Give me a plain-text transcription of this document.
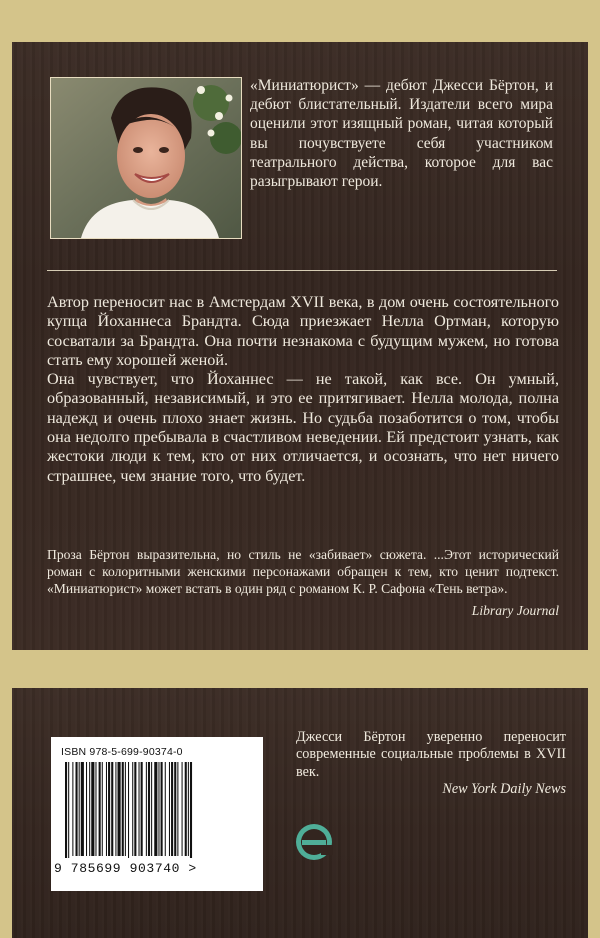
«Миниатюрист» — дебют Джесси Бёртон, и дебют блистательный. Издатели всего мира оценили этот изящный роман, читая который вы почувствуете себя участником театрального действа, которое для вас разыгрывают герои.

Автор переносит нас в Амстердам XVII века, в дом очень состоятельного купца Йоханнеса Брандта. Сюда приезжает Нелла Ортман, которую сосватали за Брандта. Она почти незнакома с будущим мужем, но готова стать ему хорошей женой.

Она чувствует, что Йоханнес — не такой, как все. Он умный, образованный, независимый, и это ее притягивает. Нелла молода, полна надежд и очень плохо знает жизнь. Но судьба позаботится о том, чтобы она недолго пребывала в счастливом неведении. Ей предстоит узнать, как жестоки люди к тем, кто от них отличается, и осознать, что нет ничего страшнее, чем знание того, что будет.

Проза Бёртон выразительна, но стиль не «забивает» сюжета. ...Этот исторический роман с колоритными женскими персонажами обращен к тем, кто ценит подтекст. «Миниатюрист» может встать в один ряд с романом К. Р. Сафона «Тень ветра».

Library Journal

ISBN 978-5-699-90374-0
9 785699 903740 >

Джесси Бёртон уверенно переносит современные социальные проблемы в XVII век.

New York Daily News
